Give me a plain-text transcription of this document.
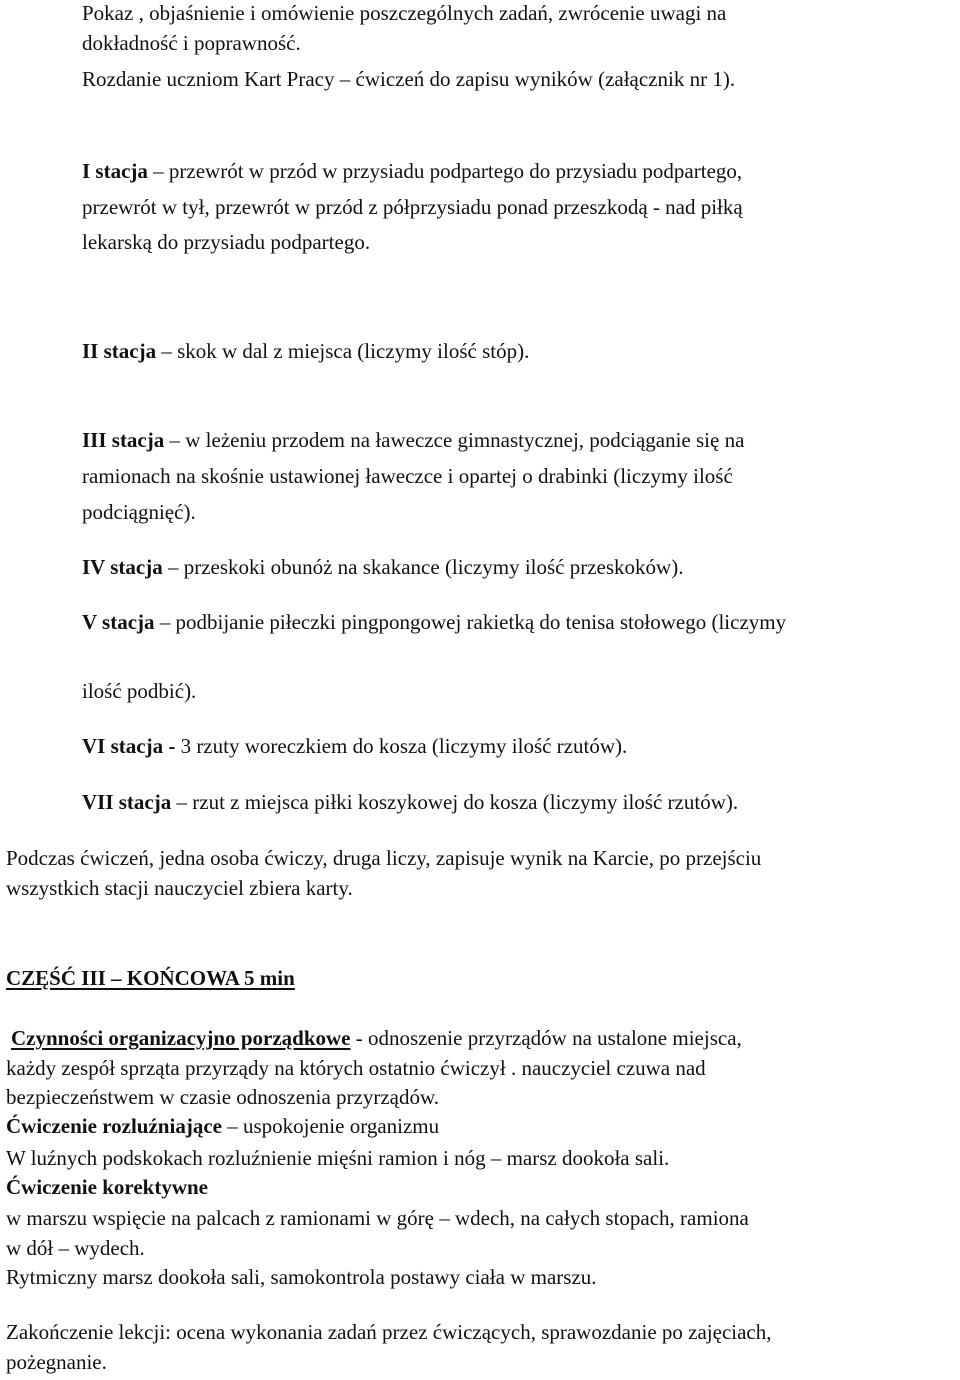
Pokaz , objaśnienie i omówienie poszczególnych zadań, zwrócenie uwagi na

dokładność i poprawność.

Rozdanie uczniom Kart Pracy – ćwiczeń do zapisu wyników (załącznik nr 1).

I stacja – przewrót w przód w przysiadu podpartego do przysiadu podpartego,

przewrót w tył, przewrót w przód z półprzysiadu ponad przeszkodą - nad piłką

lekarską do przysiadu podpartego.

II stacja – skok w dal z miejsca (liczymy ilość stóp).

III stacja – w leżeniu przodem na ławeczce gimnastycznej, podciąganie się na

ramionach na skośnie ustawionej ławeczce i opartej o drabinki (liczymy ilość

podciągnięć).

IV stacja – przeskoki obunóż na skakance (liczymy ilość przeskoków).

V stacja – podbijanie piłeczki pingpongowej rakietką do tenisa stołowego (liczymy

ilość podbić).

VI stacja - 3 rzuty woreczkiem do kosza (liczymy ilość rzutów).

VII stacja – rzut z miejsca piłki koszykowej do kosza (liczymy ilość rzutów).

Podczas ćwiczeń, jedna osoba ćwiczy, druga liczy, zapisuje wynik na Karcie, po przejściu

wszystkich stacji nauczyciel zbiera karty.

CZĘŚĆ III – KOŃCOWA 5 min

Czynności organizacyjno porządkowe - odnoszenie przyrządów na ustalone miejsca,

każdy zespół sprząta przyrządy na których ostatnio ćwiczył . nauczyciel czuwa nad

bezpieczeństwem w czasie odnoszenia przyrządów.

Ćwiczenie rozluźniające – uspokojenie organizmu

W luźnych podskokach rozluźnienie mięśni ramion i nóg – marsz dookoła sali.

Ćwiczenie korektywne

w marszu wspięcie na palcach z ramionami w górę – wdech, na całych stopach, ramiona

w dół – wydech.

Rytmiczny marsz dookoła sali, samokontrola postawy ciała w marszu.

Zakończenie lekcji: ocena wykonania zadań przez ćwiczących, sprawozdanie po zajęciach,

pożegnanie.
